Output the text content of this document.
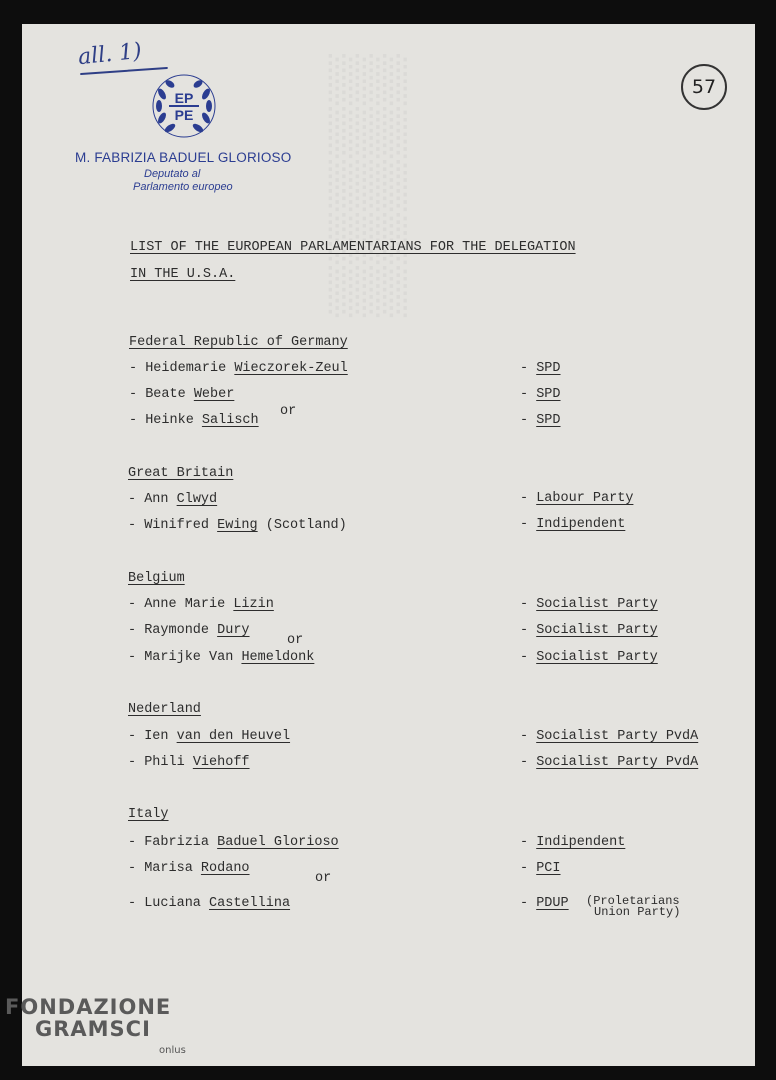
▒▒▒▒▒
all. 1)
57
EP
PE
M. FABRIZIA BADUEL GLORIOSO
Deputato al
Parlamento europeo
LIST OF THE EUROPEAN PARLAMENTARIANS FOR THE DELEGATION
IN THE U.S.A.
Federal Republic of Germany
- Heidemarie Wieczorek-Zeul	- SPD
- Beate Weber	- SPD
or
- Heinke Salisch	- SPD
Great Britain
- Ann Clwyd	- Labour Party
- Winifred Ewing (Scotland)	- Indipendent
Belgium
- Anne Marie Lizin	- Socialist Party
- Raymonde Dury	- Socialist Party
or
- Marijke Van Hemeldonk	- Socialist Party
Nederland
- Ien van den Heuvel	- Socialist Party PvdA
- Phili Viehoff	- Socialist Party PvdA
Italy
- Fabrizia Baduel Glorioso	- Indipendent
- Marisa Rodano	- PCI
or
- Luciana Castellina	- PDUP (Proletarians
Union Party)
FONDAZIONE
GRAMSCI
onlus
